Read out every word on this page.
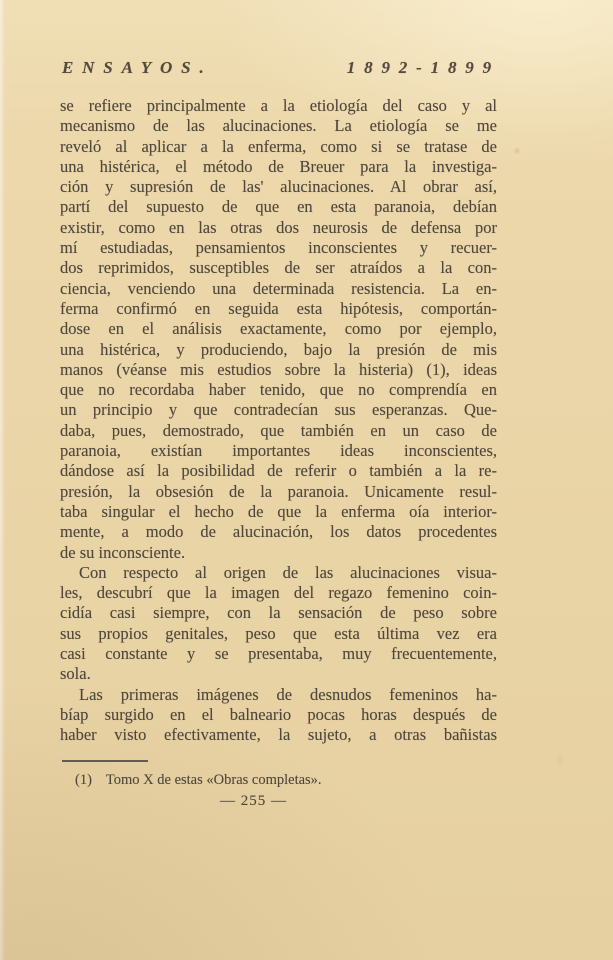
ENSAYOS.	1892-1899
se refiere principalmente a la etiología del caso y al
mecanismo de las alucinaciones. La etiología se me
reveló al aplicar a la enferma, como si se tratase de
una histérica, el método de Breuer para la investiga-
ción y supresión de las' alucinaciones. Al obrar así,
partí del supuesto de que en esta paranoia, debían
existir, como en las otras dos neurosis de defensa por
mí estudiadas, pensamientos inconscientes y recuer-
dos reprimidos, susceptibles de ser atraídos a la con-
ciencia, venciendo una determinada resistencia. La en-
ferma confirmó en seguida esta hipótesis, comportán-
dose en el análisis exactamente, como por ejemplo,
una histérica, y produciendo, bajo la presión de mis
manos (véanse mis estudios sobre la histeria) (1), ideas
que no recordaba haber tenido, que no comprendía en
un principio y que contradecían sus esperanzas. Que-
daba, pues, demostrado, que también en un caso de
paranoia, existían importantes ideas inconscientes,
dándose así la posibilidad de referir o también a la re-
presión, la obsesión de la paranoia. Unicamente resul-
taba singular el hecho de que la enferma oía interior-
mente, a modo de alucinación, los datos procedentes
de su inconsciente.
Con respecto al origen de las alucinaciones visua-
les, descubrí que la imagen del regazo femenino coin-
cidía casi siempre, con la sensación de peso sobre
sus propios genitales, peso que esta última vez era
casi constante y se presentaba, muy frecuentemente,
sola.
Las primeras imágenes de desnudos femeninos ha-
bíap surgido en el balneario pocas horas después de
haber visto efectivamente, la sujeto, a otras bañistas
(1) Tomo X de estas «Obras completas».
— 255 —
